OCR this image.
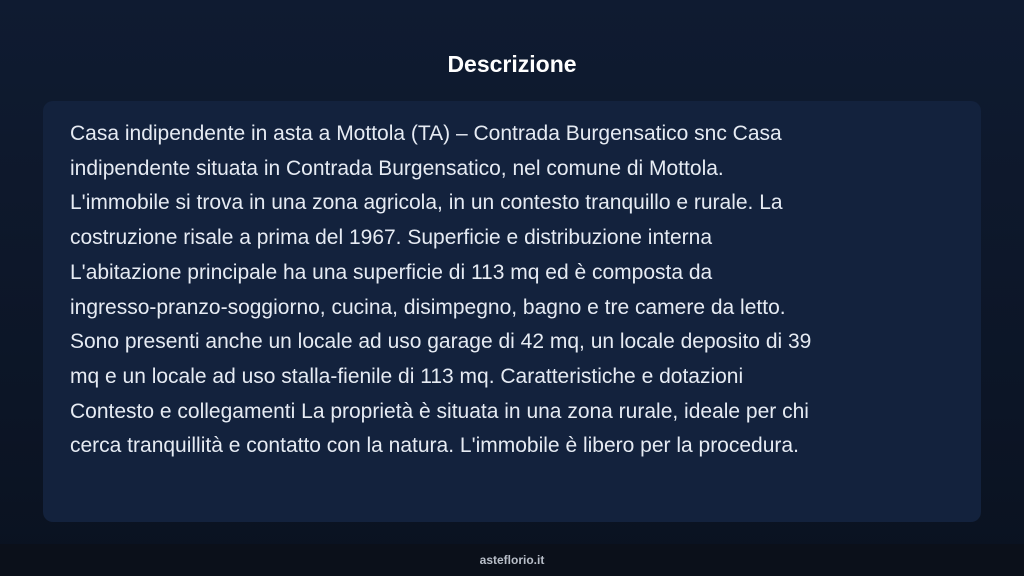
Descrizione

Casa indipendente in asta a Mottola (TA) – Contrada Burgensatico snc Casa
indipendente situata in Contrada Burgensatico, nel comune di Mottola.
L'immobile si trova in una zona agricola, in un contesto tranquillo e rurale. La
costruzione risale a prima del 1967. Superficie e distribuzione interna
L'abitazione principale ha una superficie di 113 mq ed è composta da
ingresso-pranzo-soggiorno, cucina, disimpegno, bagno e tre camere da letto.
Sono presenti anche un locale ad uso garage di 42 mq, un locale deposito di 39
mq e un locale ad uso stalla-fienile di 113 mq. Caratteristiche e dotazioni
Contesto e collegamenti La proprietà è situata in una zona rurale, ideale per chi
cerca tranquillità e contatto con la natura. L'immobile è libero per la procedura.

asteflorio.it
